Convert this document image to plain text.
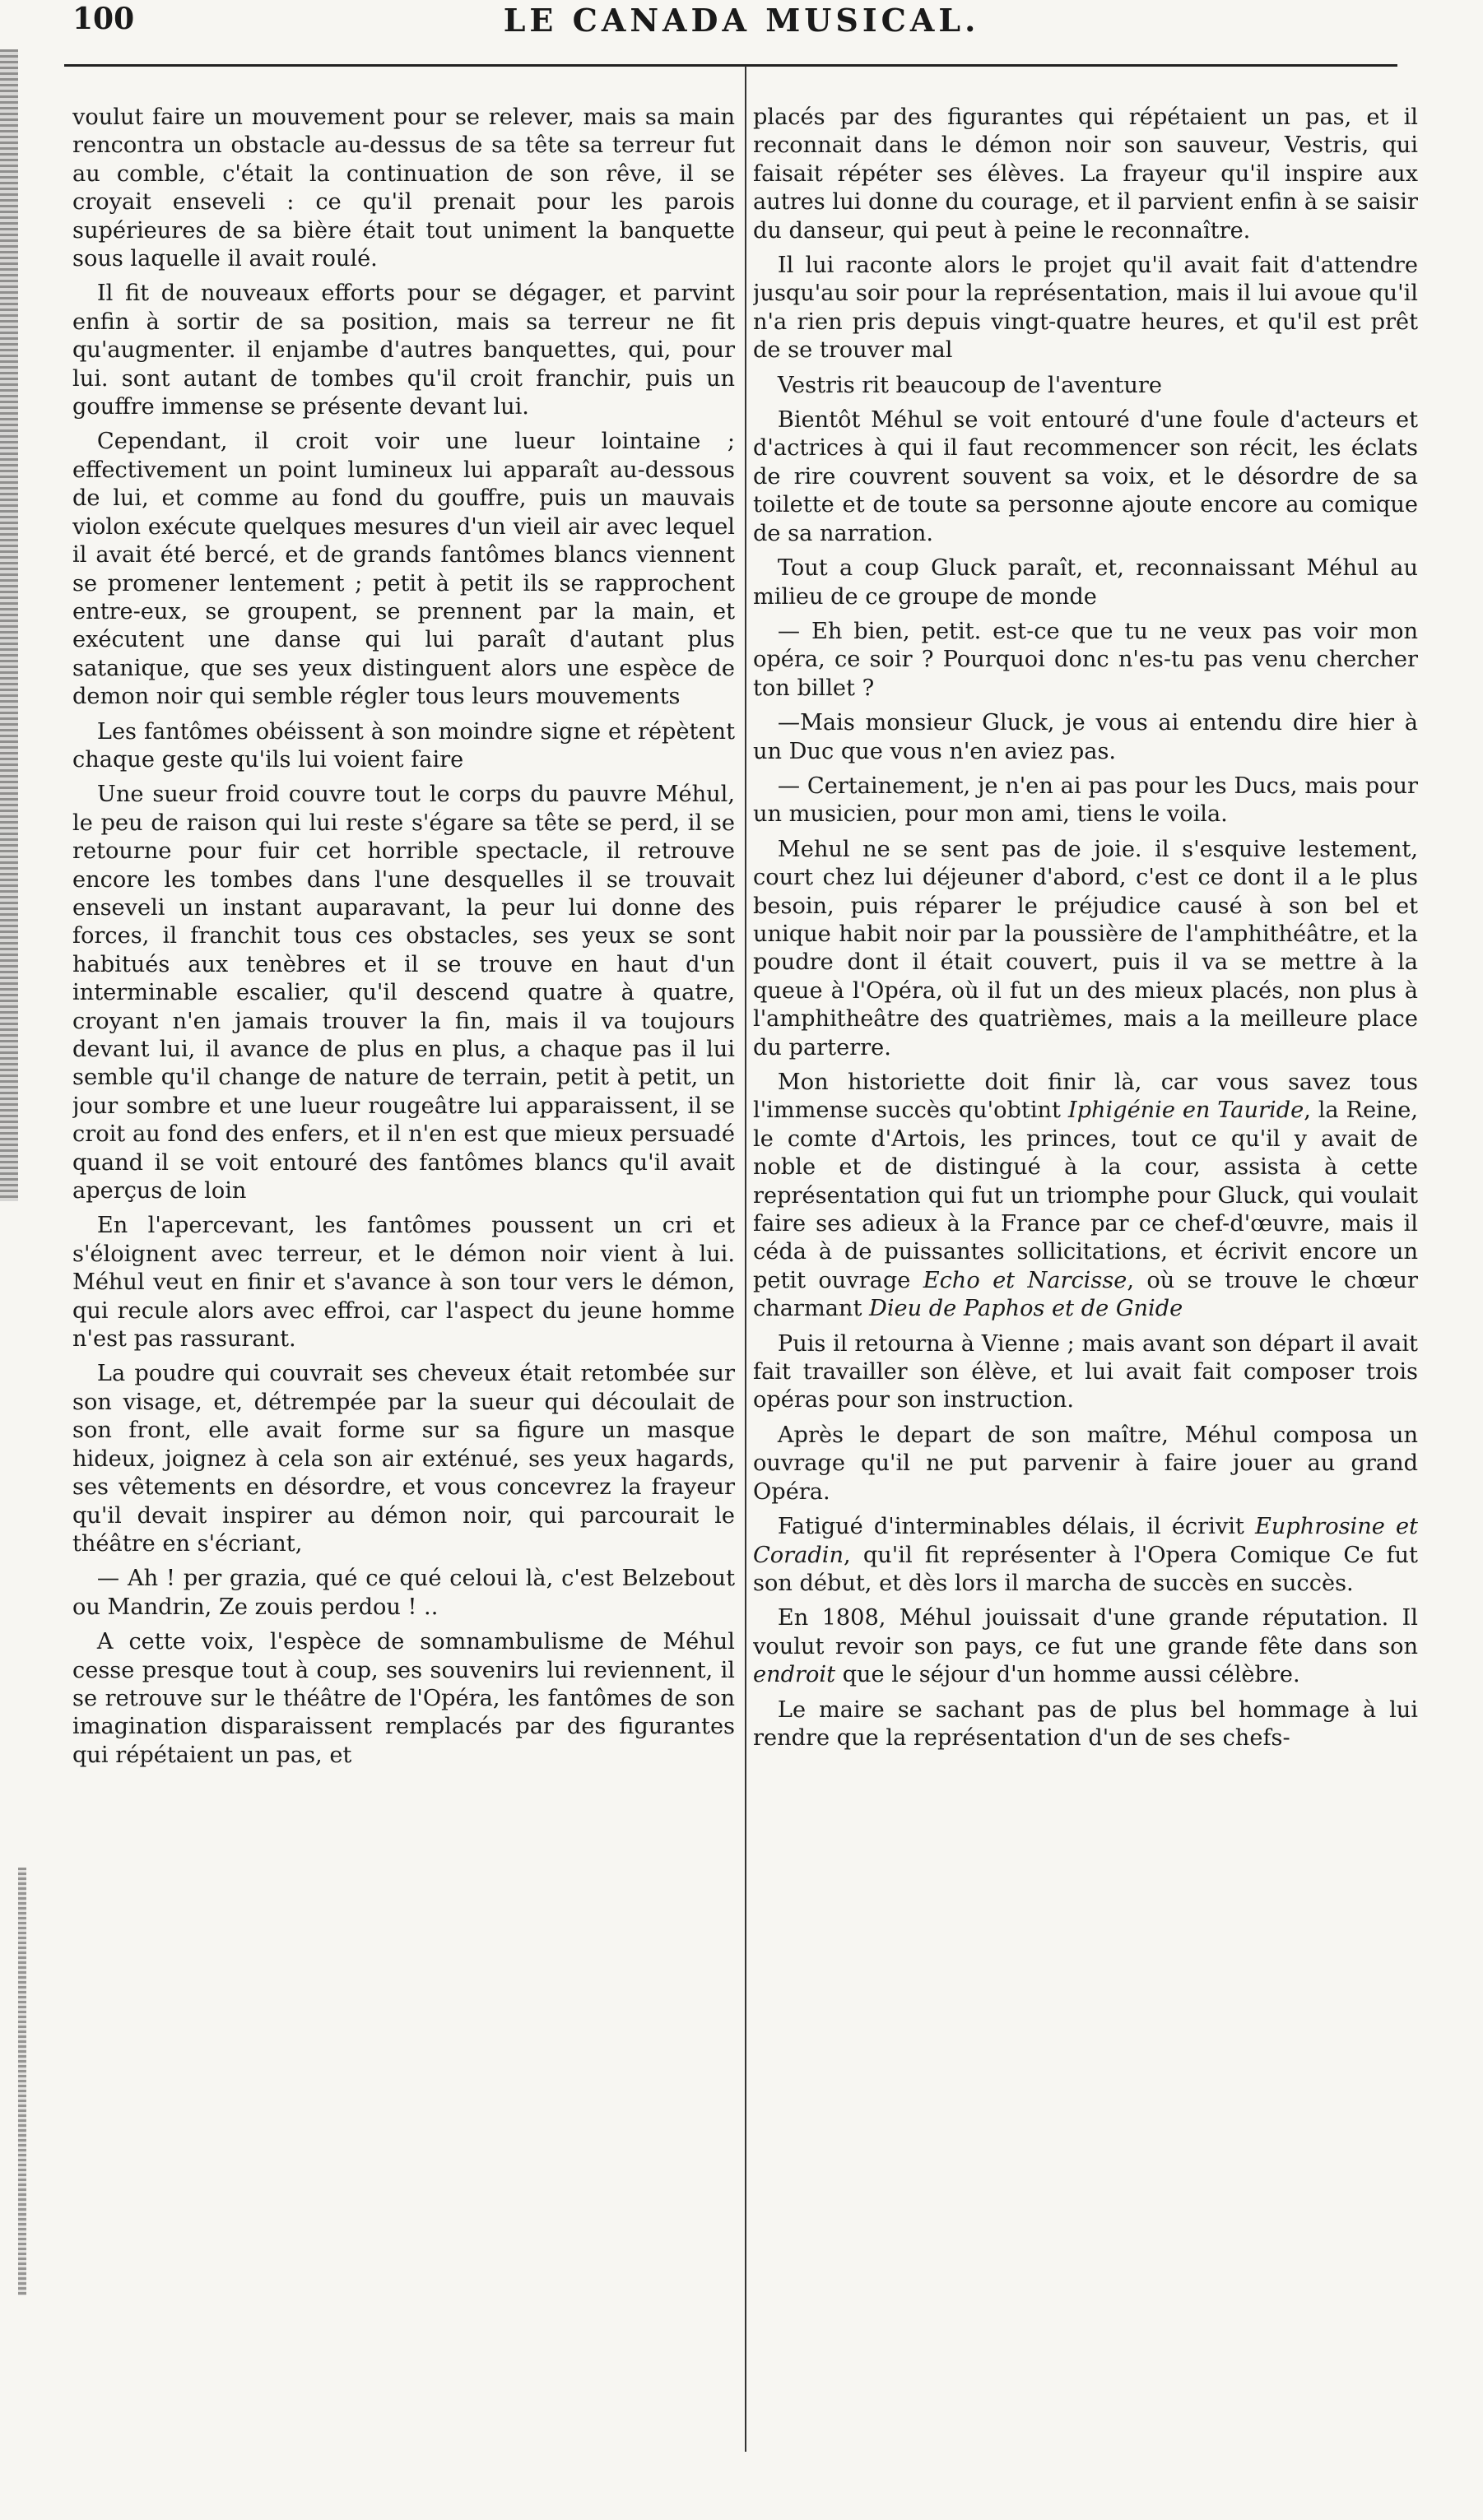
100	LE CANADA MUSICAL.

voulut faire un mouvement pour se relever, mais sa main rencontra un obstacle au-dessus de sa tête sa terreur fut au comble, c'était la continuation de son rêve, il se croyait enseveli : ce qu'il prenait pour les parois supérieures de sa bière était tout uniment la banquette sous laquelle il avait roulé.

Il fit de nouveaux efforts pour se dégager, et parvint enfin à sortir de sa position, mais sa terreur ne fit qu'augmenter. il enjambe d'autres banquettes, qui, pour lui. sont autant de tombes qu'il croit franchir, puis un gouffre immense se présente devant lui.

Cependant, il croit voir une lueur lointaine ; effectivement un point lumineux lui apparaît au-dessous de lui, et comme au fond du gouffre, puis un mauvais violon exécute quelques mesures d'un vieil air avec lequel il avait été bercé, et de grands fantômes blancs viennent se promener lentement ; petit à petit ils se rapprochent entre-eux, se groupent, se prennent par la main, et exécutent une danse qui lui paraît d'autant plus satanique, que ses yeux distinguent alors une espèce de demon noir qui semble régler tous leurs mouvements

Les fantômes obéissent à son moindre signe et répètent chaque geste qu'ils lui voient faire

Une sueur froid couvre tout le corps du pauvre Méhul, le peu de raison qui lui reste s'égare sa tête se perd, il se retourne pour fuir cet horrible spectacle, il retrouve encore les tombes dans l'une desquelles il se trouvait enseveli un instant auparavant, la peur lui donne des forces, il franchit tous ces obstacles, ses yeux se sont habitués aux tenèbres et il se trouve en haut d'un interminable escalier, qu'il descend quatre à quatre, croyant n'en jamais trouver la fin, mais il va toujours devant lui, il avance de plus en plus, a chaque pas il lui semble qu'il change de nature de terrain, petit à petit, un jour sombre et une lueur rougeâtre lui apparaissent, il se croit au fond des enfers, et il n'en est que mieux persuadé quand il se voit entouré des fantômes blancs qu'il avait aperçus de loin

En l'apercevant, les fantômes poussent un cri et s'éloignent avec terreur, et le démon noir vient à lui. Méhul veut en finir et s'avance à son tour vers le démon, qui recule alors avec effroi, car l'aspect du jeune homme n'est pas rassurant.

La poudre qui couvrait ses cheveux était retombée sur son visage, et, détrempée par la sueur qui découlait de son front, elle avait forme sur sa figure un masque hideux, joignez à cela son air exténué, ses yeux hagards, ses vêtements en désordre, et vous concevrez la frayeur qu'il devait inspirer au démon noir, qui parcourait le théâtre en s'écriant,

— Ah ! per grazia, qué ce qué celoui là, c'est Belzebout ou Mandrin, Ze zouis perdou ! ..

A cette voix, l'espèce de somnambulisme de Méhul cesse presque tout à coup, ses souvenirs lui reviennent, il se retrouve sur le théâtre de l'Opéra, les fantômes de son imagination disparaissent remplacés par des figurantes qui répétaient un pas, et

placés par des figurantes qui répétaient un pas, et il reconnait dans le démon noir son sauveur, Vestris, qui faisait répéter ses élèves. La frayeur qu'il inspire aux autres lui donne du courage, et il parvient enfin à se saisir du danseur, qui peut à peine le reconnaître.

Il lui raconte alors le projet qu'il avait fait d'attendre jusqu'au soir pour la représentation, mais il lui avoue qu'il n'a rien pris depuis vingt-quatre heures, et qu'il est prêt de se trouver mal

Vestris rit beaucoup de l'aventure

Bientôt Méhul se voit entouré d'une foule d'acteurs et d'actrices à qui il faut recommencer son récit, les éclats de rire couvrent souvent sa voix, et le désordre de sa toilette et de toute sa personne ajoute encore au comique de sa narration.

Tout a coup Gluck paraît, et, reconnaissant Méhul au milieu de ce groupe de monde

— Eh bien, petit. est-ce que tu ne veux pas voir mon opéra, ce soir ? Pourquoi donc n'es-tu pas venu chercher ton billet ?

—Mais monsieur Gluck, je vous ai entendu dire hier à un Duc que vous n'en aviez pas.

— Certainement, je n'en ai pas pour les Ducs, mais pour un musicien, pour mon ami, tiens le voila.

Mehul ne se sent pas de joie. il s'esquive lestement, court chez lui déjeuner d'abord, c'est ce dont il a le plus besoin, puis réparer le préjudice causé à son bel et unique habit noir par la poussière de l'amphithéâtre, et la poudre dont il était couvert, puis il va se mettre à la queue à l'Opéra, où il fut un des mieux placés, non plus à l'amphitheâtre des quatrièmes, mais a la meilleure place du parterre.

Mon historiette doit finir là, car vous savez tous l'immense succès qu'obtint Iphigénie en Tauride, la Reine, le comte d'Artois, les princes, tout ce qu'il y avait de noble et de distingué à la cour, assista à cette représentation qui fut un triomphe pour Gluck, qui voulait faire ses adieux à la France par ce chef-d'œuvre, mais il céda à de puissantes sollicitations, et écrivit encore un petit ouvrage Echo et Narcisse, où se trouve le chœur charmant Dieu de Paphos et de Gnide

Puis il retourna à Vienne ; mais avant son départ il avait fait travailler son élève, et lui avait fait composer trois opéras pour son instruction.

Après le depart de son maître, Méhul composa un ouvrage qu'il ne put parvenir à faire jouer au grand Opéra.

Fatigué d'interminables délais, il écrivit Euphrosine et Coradin, qu'il fit représenter à l'Opera Comique Ce fut son début, et dès lors il marcha de succès en succès.

En 1808, Méhul jouissait d'une grande réputation. Il voulut revoir son pays, ce fut une grande fête dans son endroit que le séjour d'un homme aussi célèbre.

Le maire se sachant pas de plus bel hommage à lui rendre que la représentation d'un de ses chefs-
